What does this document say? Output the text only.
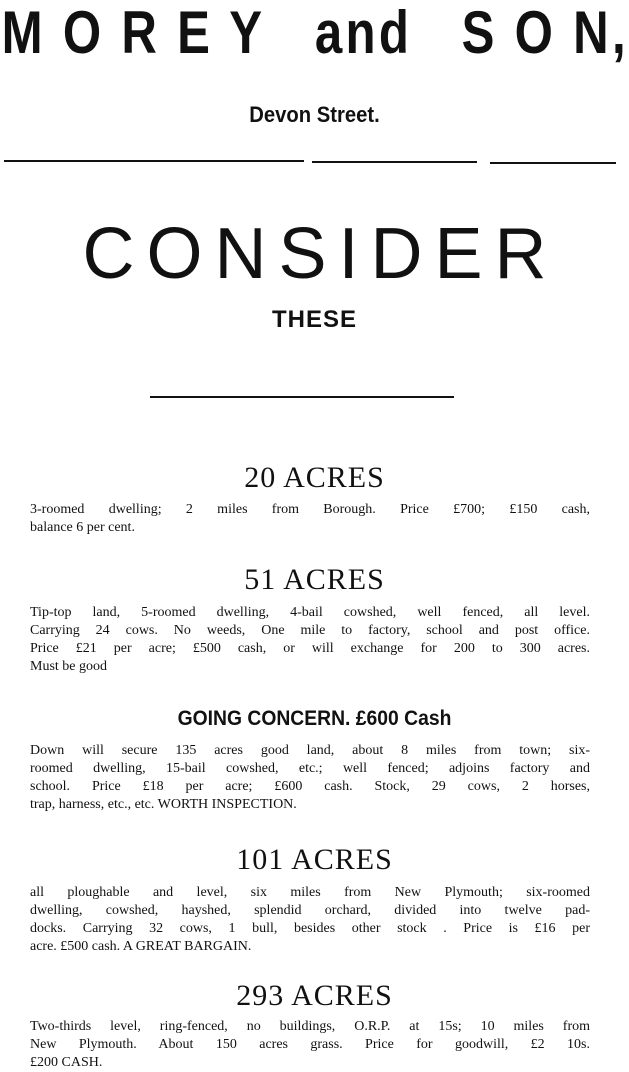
M O R E Y and S O N,
Devon Street.
CONSIDER
THESE
20 ACRES
3-roomed dwelling; 2 miles from Borough. Price £700; £150 cash,
balance 6 per cent.
51 ACRES
Tip-top land, 5-roomed dwelling, 4-bail cowshed, well fenced, all level.
Carrying 24 cows. No weeds, One mile to factory, school and post office.
Price £21 per acre; £500 cash, or will exchange for 200 to 300 acres.
Must be good
GOING CONCERN. £600 Cash
Down will secure 135 acres good land, about 8 miles from town; six-
roomed dwelling, 15-bail cowshed, etc.; well fenced; adjoins factory and
school. Price £18 per acre; £600 cash. Stock, 29 cows, 2 horses,
trap, harness, etc., etc. WORTH INSPECTION.
101 ACRES
all ploughable and level, six miles from New Plymouth; six-roomed
dwelling, cowshed, hayshed, splendid orchard, divided into twelve pad-
docks. Carrying 32 cows, 1 bull, besides other stock . Price is £16 per
acre. £500 cash. A GREAT BARGAIN.
293 ACRES
Two-thirds level, ring-fenced, no buildings, O.R.P. at 15s; 10 miles from
New Plymouth. About 150 acres grass. Price for goodwill, £2 10s.
£200 CASH.
